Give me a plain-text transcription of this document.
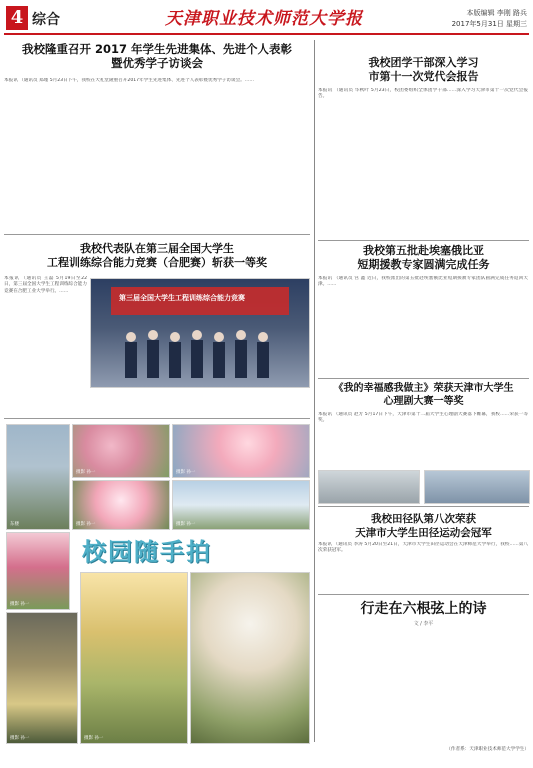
4 综合	天津职业技术师范大学报	本版编辑 李刚 路兵
2017年5月31日 星期三
我校隆重召开 2017 年学生先进集体、先进个人表彰
暨优秀学子访谈会
本报讯 （通讯员 郑瑾 5月23日下午，我校在大礼堂隆重召开2017年学生先进集体、先进个人表彰暨优秀学子访谈会。……
我校团学干部深入学习
市第十一次党代会报告
本报讯 （通讯员 毕秋叶 5月23日，校团委组织全体团学干部……深入学习天津市第十一次党代会报告。
我校代表队在第三届全国大学生
工程训练综合能力竞赛（合肥赛）斩获一等奖
本报讯 （通讯员 王磊 5月19日至22日，第三届全国大学生工程训练综合能力竞赛在合肥工业大学举行。……
第三届全国大学生工程训练综合能力竞赛
我校第五批赴埃塞俄比亚
短期援教专家圆满完成任务
本报讯 （通讯员 宫 鑫 近日，我校派出的第五批赴埃塞俄比亚短期援教专家团队圆满完成任务返回天津。……
《我的幸福感我做主》荣获天津市大学生
心理剧大赛一等奖
本报讯 （通讯员 赵芳 5月17日下午，天津市第十二届大学生心理剧大赛落下帷幕，我校……荣获一等奖。
我校田径队第八次荣获
天津市大学生田径运动会冠军
本报讯 （通讯员 李涛 5月20日至21日，天津市大学生田径运动会在天津师范大学举行，我校……第八次荣获冠军。
行走在六根弦上的诗
文 / 李平
（作者系：天津职业技术师范大学学生）
东楼
摄影 孙一	摄影 孙一
摄影 孙一	摄影 孙一
校园随手拍
摄影 孙一
摄影 孙一	摄影 孙一
